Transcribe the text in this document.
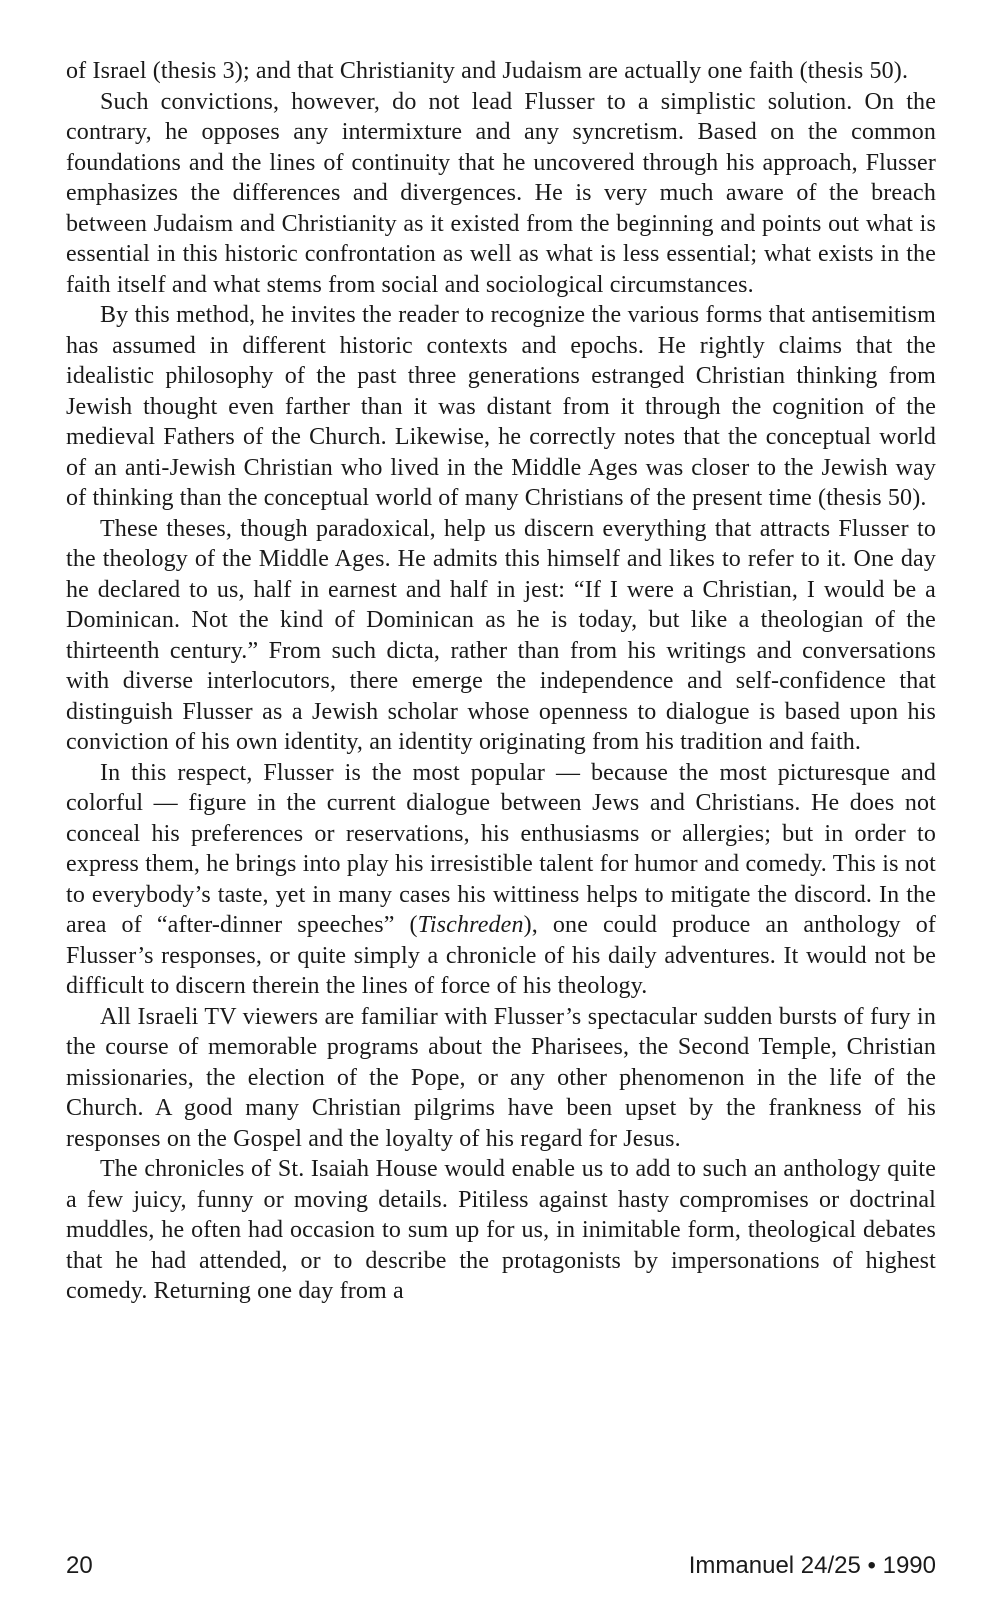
of Israel (thesis 3); and that Christianity and Judaism are actually one faith (thesis 50).

Such convictions, however, do not lead Flusser to a simplistic solution. On the contrary, he opposes any intermixture and any syncretism. Based on the common foundations and the lines of continuity that he uncovered through his approach, Flusser emphasizes the differences and divergences. He is very much aware of the breach between Judaism and Christianity as it existed from the beginning and points out what is essential in this historic confrontation as well as what is less essential; what exists in the faith itself and what stems from social and sociological circumstances.

By this method, he invites the reader to recognize the various forms that antisemitism has assumed in different historic contexts and epochs. He rightly claims that the idealistic philosophy of the past three generations estranged Christian thinking from Jewish thought even farther than it was distant from it through the cognition of the medieval Fathers of the Church. Likewise, he correctly notes that the conceptual world of an anti-Jewish Christian who lived in the Middle Ages was closer to the Jewish way of thinking than the conceptual world of many Christians of the present time (thesis 50).

These theses, though paradoxical, help us discern everything that attracts Flusser to the theology of the Middle Ages. He admits this himself and likes to refer to it. One day he declared to us, half in earnest and half in jest: “If I were a Christian, I would be a Dominican. Not the kind of Dominican as he is today, but like a theologian of the thirteenth century.” From such dicta, rather than from his writings and conversations with diverse interlocutors, there emerge the independence and self-confidence that distinguish Flusser as a Jewish scholar whose openness to dialogue is based upon his conviction of his own identity, an identity originating from his tradition and faith.

In this respect, Flusser is the most popular — because the most picturesque and colorful — figure in the current dialogue between Jews and Christians. He does not conceal his preferences or reservations, his enthusiasms or allergies; but in order to express them, he brings into play his irresistible talent for humor and comedy. This is not to everybody’s taste, yet in many cases his wittiness helps to mitigate the discord. In the area of “after-dinner speeches” (Tischreden), one could produce an anthology of Flusser’s responses, or quite simply a chronicle of his daily adventures. It would not be difficult to discern therein the lines of force of his theology.

All Israeli TV viewers are familiar with Flusser’s spectacular sudden bursts of fury in the course of memorable programs about the Pharisees, the Second Temple, Christian missionaries, the election of the Pope, or any other phenomenon in the life of the Church. A good many Christian pilgrims have been upset by the frankness of his responses on the Gospel and the loyalty of his regard for Jesus.

The chronicles of St. Isaiah House would enable us to add to such an anthology quite a few juicy, funny or moving details. Pitiless against hasty compromises or doctrinal muddles, he often had occasion to sum up for us, in inimitable form, theological debates that he had attended, or to describe the protagonists by impersonations of highest comedy. Returning one day from a

20	Immanuel 24/25 • 1990
